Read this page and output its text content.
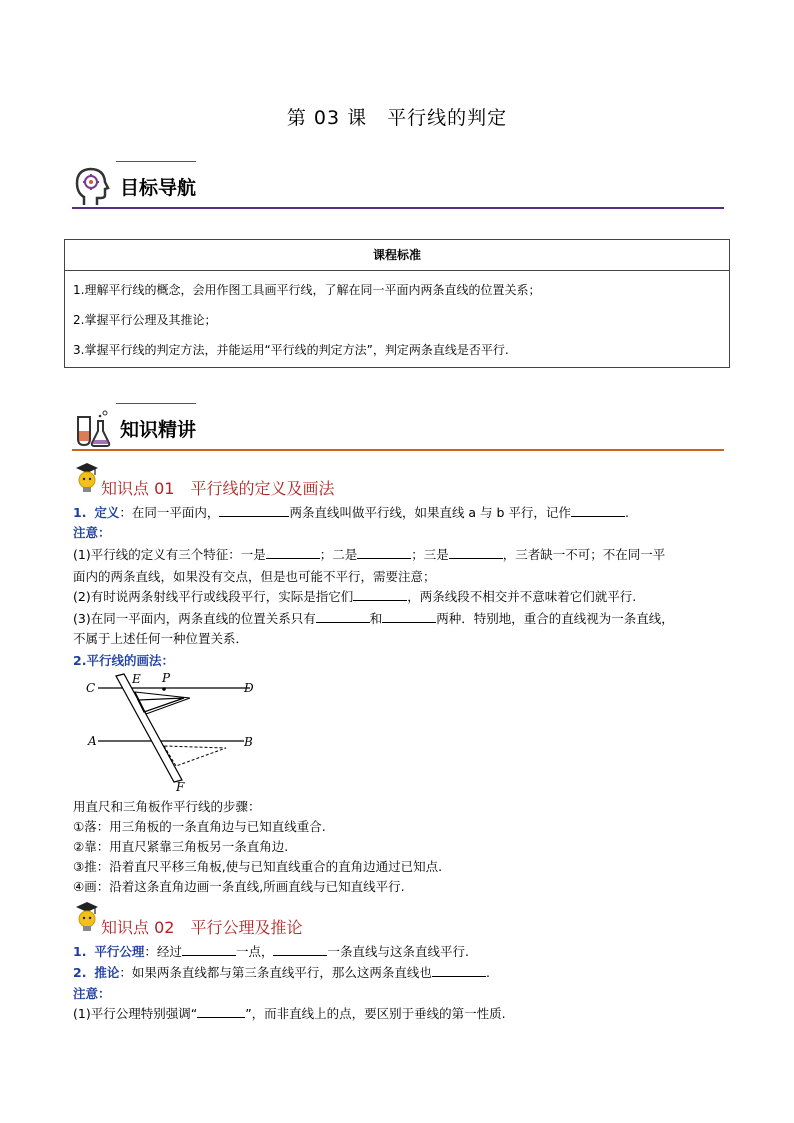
第 03 课　平行线的判定
目标导航
课程标准
1.理解平行线的概念，会用作图工具画平行线，了解在同一平面内两条直线的位置关系；
2.掌握平行公理及其推论；
3.掌握平行线的判定方法，并能运用“平行线的判定方法”，判定两条直线是否平行.
知识精讲
知识点 01　平行线的定义及画法
1. 定义：在同一平面内，	两条直线叫做平行线，如果直线 a 与 b 平行，记作	.
注意：
(1)平行线的定义有三个特征：一是	；二是	；三是	，三者缺一不可；不在同一平
面内的两条直线，如果没有交点，但是也可能不平行，需要注意；
(2)有时说两条射线平行或线段平行，实际是指它们	，两条线段不相交并不意味着它们就平行.
(3)在同一平面内，两条直线的位置关系只有	和	两种．特别地，重合的直线视为一条直线，
不属于上述任何一种位置关系．
2.平行线的画法：
C
E P
D
A	B
F
用直尺和三角板作平行线的步骤：
①落：用三角板的一条直角边与已知直线重合.
②靠：用直尺紧靠三角板另一条直角边.
③推：沿着直尺平移三角板,使与已知直线重合的直角边通过已知点.
④画：沿着这条直角边画一条直线,所画直线与已知直线平行.
知识点 02　平行公理及推论
1. 平行公理：经过	一点，	一条直线与这条直线平行.
2. 推论：如果两条直线都与第三条直线平行，那么这两条直线也	.
注意：
(1)平行公理特别强调“	”，而非直线上的点，要区别于垂线的第一性质.
